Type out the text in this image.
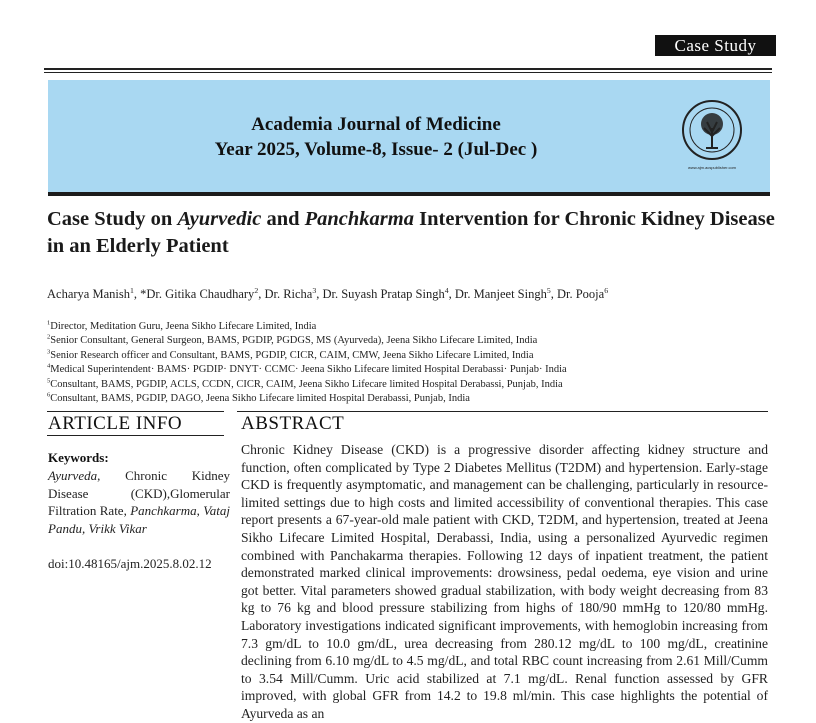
Case Study
Academia Journal of Medicine
Year 2025, Volume-8, Issue- 2 (Jul-Dec )
www.ajm.acspublisher.com
Case Study on Ayurvedic and Panchkarma Intervention for Chronic Kidney Disease in an Elderly Patient
Acharya Manish$^1$, *Dr. Gitika Chaudhary$^2$, Dr. Richa$^3$, Dr. Suyash Pratap Singh$^4$, Dr. Manjeet Singh$^5$, Dr. Pooja$^6$
$^1$Director, Meditation Guru, Jeena Sikho Lifecare Limited, India
$^2$Senior Consultant, General Surgeon, BAMS, PGDIP, PGDGS, MS (Ayurveda), Jeena Sikho Lifecare Limited, India
$^3$Senior Research officer and Consultant, BAMS, PGDIP, CICR, CAIM, CMW, Jeena Sikho Lifecare Limited, India
$^4$Medical Superintendent· BAMS· PGDIP· DNYT· CCMC· Jeena Sikho Lifecare limited Hospital Derabassi· Punjab· India
$^5$Consultant, BAMS, PGDIP, ACLS, CCDN, CICR, CAIM, Jeena Sikho Lifecare limited Hospital Derabassi, Punjab, India
$^6$Consultant, BAMS, PGDIP, DAGO, Jeena Sikho Lifecare limited Hospital Derabassi, Punjab, India
ARTICLE INFO	ABSTRACT
Keywords:
Ayurveda, Chronic Kidney Disease (CKD),Glomerular Filtration Rate, Panchkarma, Vataj Pandu, Vrikk Vikar
doi:10.48165/ajm.2025.8.02.12
Chronic Kidney Disease (CKD) is a progressive disorder affecting kidney structure and function, often complicated by Type 2 Diabetes Mellitus (T2DM) and hypertension. Early-stage CKD is frequently asymptomatic, and management can be challenging, particularly in resource-limited settings due to high costs and limited accessibility of conventional therapies. This case report presents a 67-year-old male patient with CKD, T2DM, and hypertension, treated at Jeena Sikho Lifecare Limited Hospital, Derabassi, India, using a personalized Ayurvedic regimen combined with Panchakarma therapies. Following 12 days of inpatient treatment, the patient demonstrated marked clinical improvements: drowsiness, pedal oedema, eye vision and urine got better. Vital parameters showed gradual stabilization, with body weight decreasing from 83 kg to 76 kg and blood pressure stabilizing from highs of 180/90 mmHg to 120/80 mmHg. Laboratory investigations indicated significant improvements, with hemoglobin increasing from 7.3 gm/dL to 10.0 gm/dL, urea decreasing from 280.12 mg/dL to 100 mg/dL, creatinine declining from 6.10 mg/dL to 4.5 mg/dL, and total RBC count increasing from 2.61 Mill/Cumm to 3.54 Mill/Cumm. Uric acid stabilized at 7.1 mg/dL. Renal function assessed by GFR improved, with global GFR from 14.2 to 19.8 ml/min. This case highlights the potential of Ayurveda as an
